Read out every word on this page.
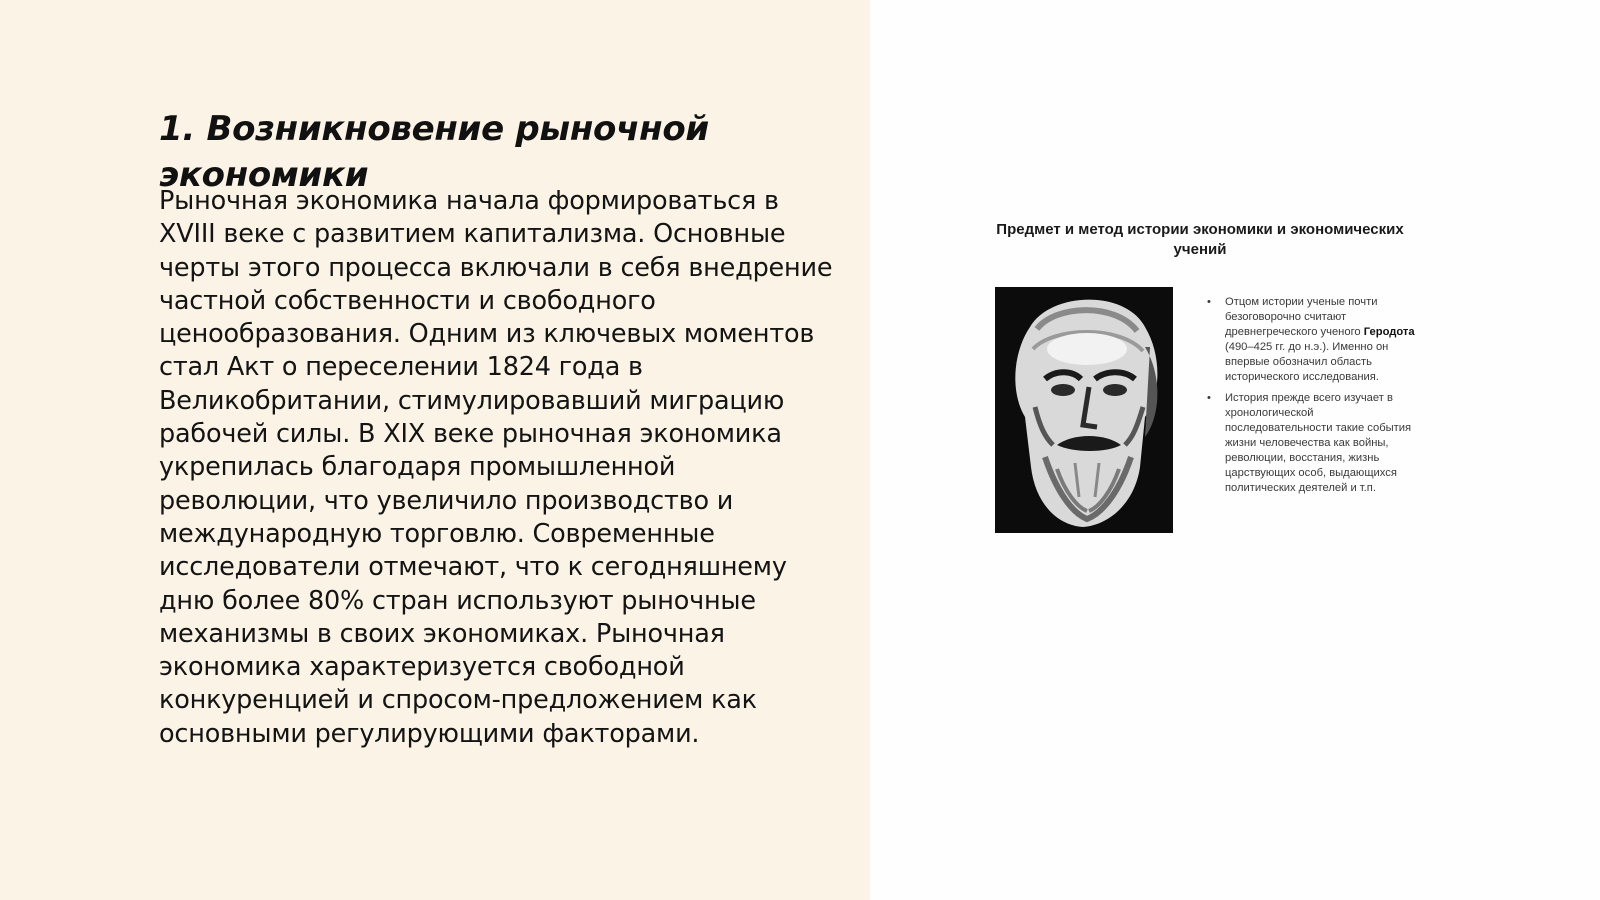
1. Возникновение рыночной экономики

Рыночная экономика начала формироваться в XVIII веке с развитием капитализма. Основные черты этого процесса включали в себя внедрение частной собственности и свободного ценообразования. Одним из ключевых моментов стал Акт о переселении 1824 года в Великобритании, стимулировавший миграцию рабочей силы. В XIX веке рыночная экономика укрепилась благодаря промышленной революции, что увеличило производство и международную торговлю. Современные исследователи отмечают, что к сегодняшнему дню более 80% стран используют рыночные механизмы в своих экономиках. Рыночная экономика характеризуется свободной конкуренцией и спросом-предложением как основными регулирующими факторами.

Предмет и метод истории экономики и экономических учений

• Отцом истории ученые почти безоговорочно считают древнегреческого ученого Геродота (490–425 гг. до н.э.). Именно он впервые обозначил область исторического исследования.
• История прежде всего изучает в хронологической последовательности такие события жизни человечества как войны, революции, восстания, жизнь царствующих особ, выдающихся политических деятелей и т.п.
